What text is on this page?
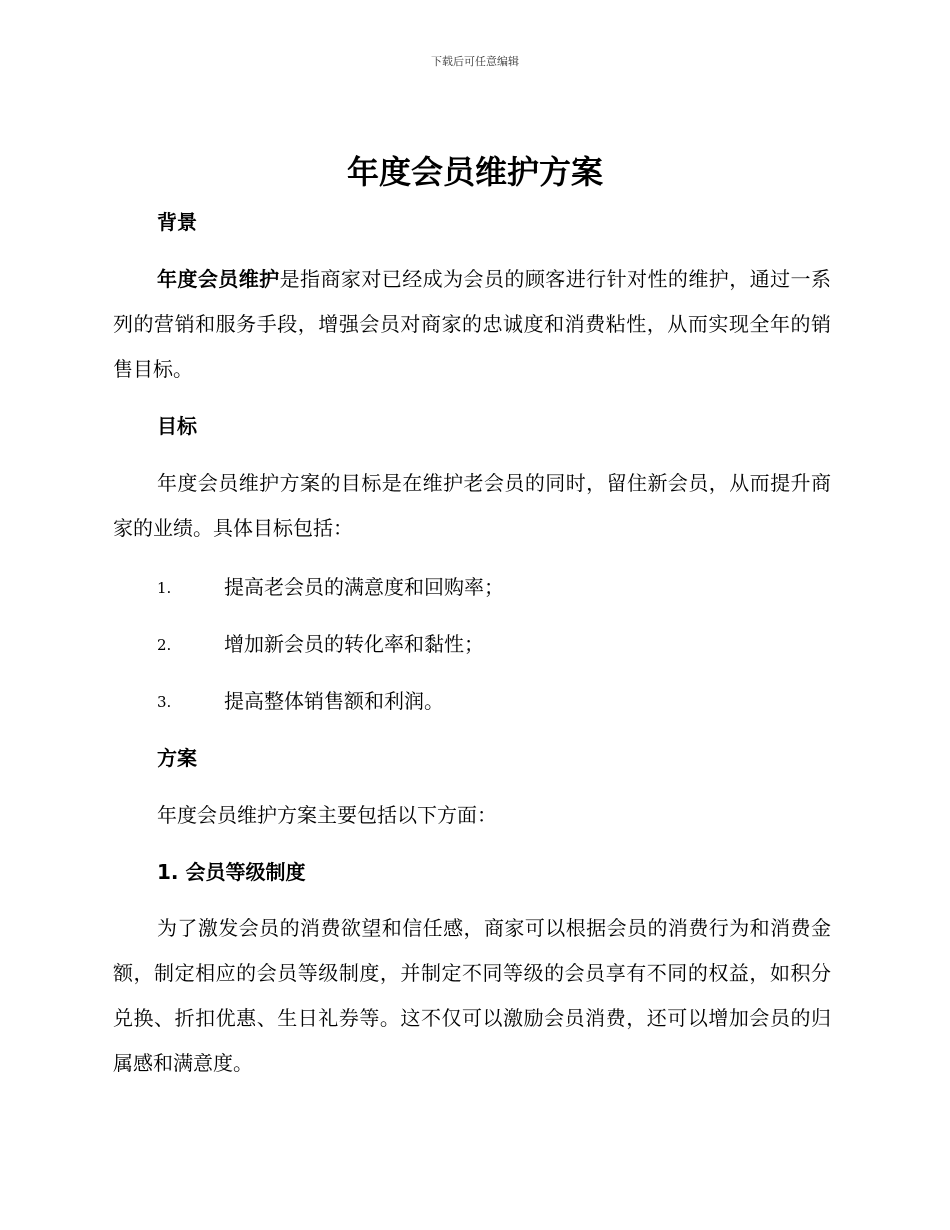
下载后可任意编辑
年度会员维护方案
背景

年度会员维护是指商家对已经成为会员的顾客进行针对性的维护，通过一系列的营销和服务手段，增强会员对商家的忠诚度和消费粘性，从而实现全年的销售目标。

目标

年度会员维护方案的目标是在维护老会员的同时，留住新会员，从而提升商家的业绩。具体目标包括：

1.	提高老会员的满意度和回购率；
2.	增加新会员的转化率和黏性；
3.	提高整体销售额和利润。
方案

年度会员维护方案主要包括以下方面：

1. 会员等级制度

为了激发会员的消费欲望和信任感，商家可以根据会员的消费行为和消费金额，制定相应的会员等级制度，并制定不同等级的会员享有不同的权益，如积分兑换、折扣优惠、生日礼券等。这不仅可以激励会员消费，还可以增加会员的归属感和满意度。
